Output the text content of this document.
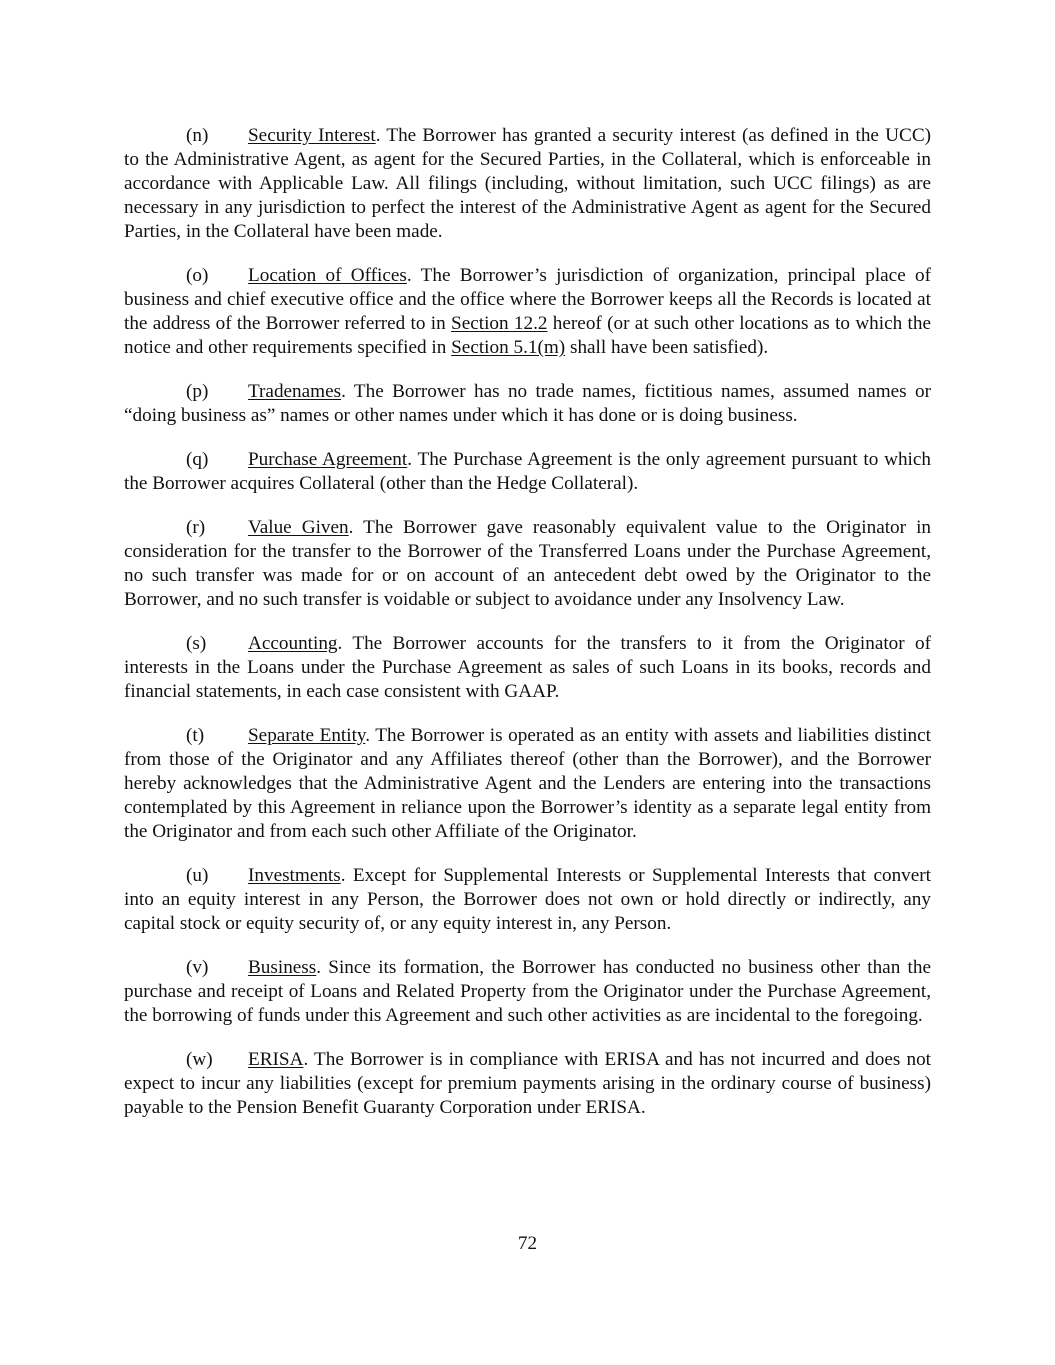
(n) Security Interest. The Borrower has granted a security interest (as defined in the UCC) to the Administrative Agent, as agent for the Secured Parties, in the Collateral, which is enforceable in accordance with Applicable Law. All filings (including, without limitation, such UCC filings) as are necessary in any jurisdiction to perfect the interest of the Administrative Agent as agent for the Secured Parties, in the Collateral have been made.

(o) Location of Offices. The Borrower’s jurisdiction of organization, principal place of business and chief executive office and the office where the Borrower keeps all the Records is located at the address of the Borrower referred to in Section 12.2 hereof (or at such other locations as to which the notice and other requirements specified in Section 5.1(m) shall have been satisfied).

(p) Tradenames. The Borrower has no trade names, fictitious names, assumed names or “doing business as” names or other names under which it has done or is doing business.

(q) Purchase Agreement. The Purchase Agreement is the only agreement pursuant to which the Borrower acquires Collateral (other than the Hedge Collateral).

(r) Value Given. The Borrower gave reasonably equivalent value to the Originator in consideration for the transfer to the Borrower of the Transferred Loans under the Purchase Agreement, no such transfer was made for or on account of an antecedent debt owed by the Originator to the Borrower, and no such transfer is voidable or subject to avoidance under any Insolvency Law.

(s) Accounting. The Borrower accounts for the transfers to it from the Originator of interests in the Loans under the Purchase Agreement as sales of such Loans in its books, records and financial statements, in each case consistent with GAAP.

(t) Separate Entity. The Borrower is operated as an entity with assets and liabilities distinct from those of the Originator and any Affiliates thereof (other than the Borrower), and the Borrower hereby acknowledges that the Administrative Agent and the Lenders are entering into the transactions contemplated by this Agreement in reliance upon the Borrower’s identity as a separate legal entity from the Originator and from each such other Affiliate of the Originator.

(u) Investments. Except for Supplemental Interests or Supplemental Interests that convert into an equity interest in any Person, the Borrower does not own or hold directly or indirectly, any capital stock or equity security of, or any equity interest in, any Person.

(v) Business. Since its formation, the Borrower has conducted no business other than the purchase and receipt of Loans and Related Property from the Originator under the Purchase Agreement, the borrowing of funds under this Agreement and such other activities as are incidental to the foregoing.

(w) ERISA. The Borrower is in compliance with ERISA and has not incurred and does not expect to incur any liabilities (except for premium payments arising in the ordinary course of business) payable to the Pension Benefit Guaranty Corporation under ERISA.

72
